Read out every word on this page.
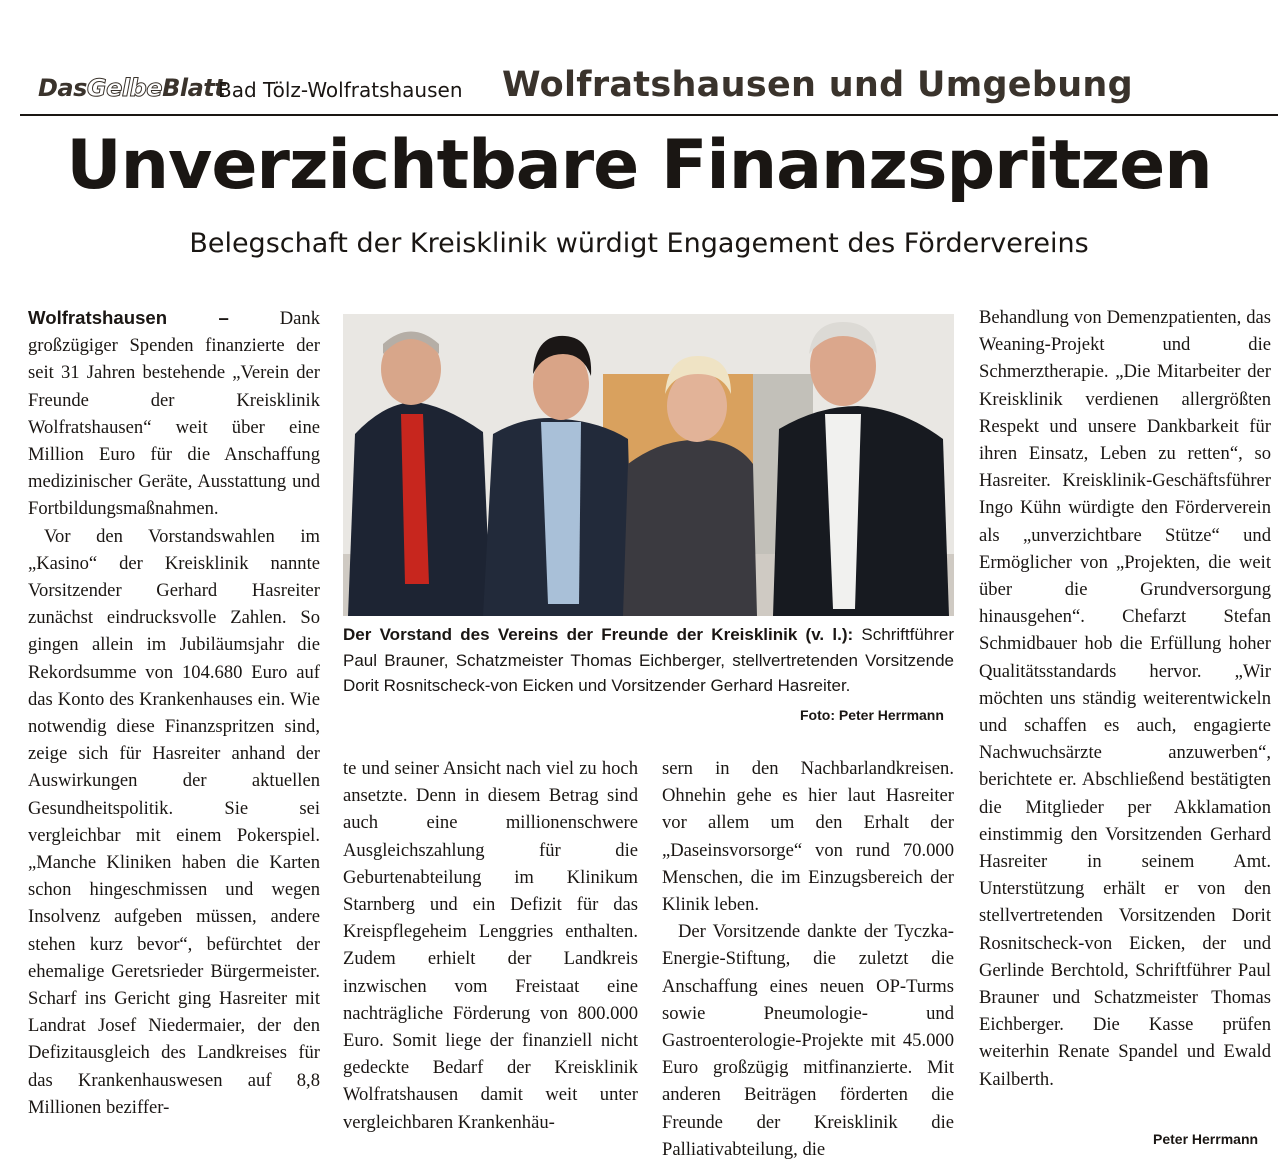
DasGelbeBlatt
Bad Tölz-Wolfratshausen Wolfratshausen und Umgebung
Unverzichtbare Finanzspritzen
Belegschaft der Kreisklinik würdigt Engagement des Fördervereins

Wolfratshausen –	Dank großzügiger Spenden finanzierte der seit 31 Jahren bestehende „Verein der Freunde der Kreisklinik Wolfratshausen“ weit über eine Million Euro für die Anschaffung medizinischer Geräte, Ausstattung und Fortbildungsmaßnahmen.

Vor den Vorstandswahlen im „Kasino“ der Kreisklinik nannte Vorsitzender Gerhard Hasreiter zunächst eindrucksvolle Zahlen. So gingen allein im Jubiläumsjahr die Rekordsumme von 104.680 Euro auf das Konto des Krankenhauses ein. Wie notwendig diese Finanzspritzen sind, zeige sich für Hasreiter anhand der Auswirkungen der aktuellen Gesundheitspolitik. Sie sei vergleichbar mit einem Pokerspiel. „Manche Kliniken haben die Karten schon hingeschmissen und wegen Insolvenz aufgeben müssen, andere stehen kurz bevor“, befürchtet der ehemalige Geretsrieder Bürgermeister. Scharf ins Gericht ging Hasreiter mit Landrat Josef Niedermaier, der den Defizitausgleich des Landkreises für das Krankenhauswesen auf 8,8 Millionen beziffer-

Der Vorstand des Vereins der Freunde der Kreisklinik (v. l.): Schriftführer Paul Brauner, Schatzmeister Thomas Eichberger, stellvertretenden Vorsitzende Dorit Rosnitscheck-von Eicken und Vorsitzender Gerhard Hasreiter.
Foto: Peter Herrmann

te und seiner Ansicht nach viel zu hoch ansetzte. Denn in diesem Betrag sind auch eine millionenschwere Ausgleichszahlung für die Geburtenabteilung im Klinikum Starnberg und ein Defizit für das Kreispflegeheim Lenggries enthalten. Zudem erhielt der Landkreis inzwischen vom Freistaat eine nachträgliche Förderung von 800.000 Euro. Somit liege der finanziell nicht gedeckte Bedarf der Kreisklinik Wolfratshausen damit weit unter vergleichbaren Krankenhäu-

sern in den Nachbarlandkreisen. Ohnehin gehe es hier laut Hasreiter vor allem um den Erhalt der „Daseinsvorsorge“ von rund 70.000 Menschen, die im Einzugsbereich der Klinik leben.

Der Vorsitzende dankte der Tyczka-Energie-Stiftung, die zuletzt die Anschaffung eines neuen OP-Turms sowie Pneumologie- und Gastroenterologie-Projekte mit 45.000 Euro großzügig mitfinanzierte. Mit anderen Beiträgen förderten die Freunde der Kreisklinik die Palliativabteilung, die

Behandlung von Demenzpatienten, das Weaning-Projekt und die Schmerztherapie. „Die Mitarbeiter der Kreisklinik verdienen allergrößten Respekt und unsere Dankbarkeit für ihren Einsatz, Leben zu retten“, so Hasreiter. Kreisklinik-Geschäftsführer Ingo Kühn würdigte den Förderverein als „unverzichtbare Stütze“ und Ermöglicher von „Projekten, die weit über die Grundversorgung hinausgehen“. Chefarzt Stefan Schmidbauer hob die Erfüllung hoher Qualitätsstandards hervor. „Wir möchten uns ständig weiterentwickeln und schaffen es auch, engagierte Nachwuchsärzte anzuwerben“, berichtete er. Abschließend bestätigten die Mitglieder per Akklamation einstimmig den Vorsitzenden Gerhard Hasreiter in seinem Amt. Unterstützung erhält er von den stellvertretenden Vorsitzenden Dorit Rosnitscheck-von Eicken, der und Gerlinde Berchtold, Schriftführer Paul Brauner und Schatzmeister Thomas Eichberger. Die Kasse prüfen weiterhin Renate Spandel und Ewald Kailberth.

Peter Herrmann
